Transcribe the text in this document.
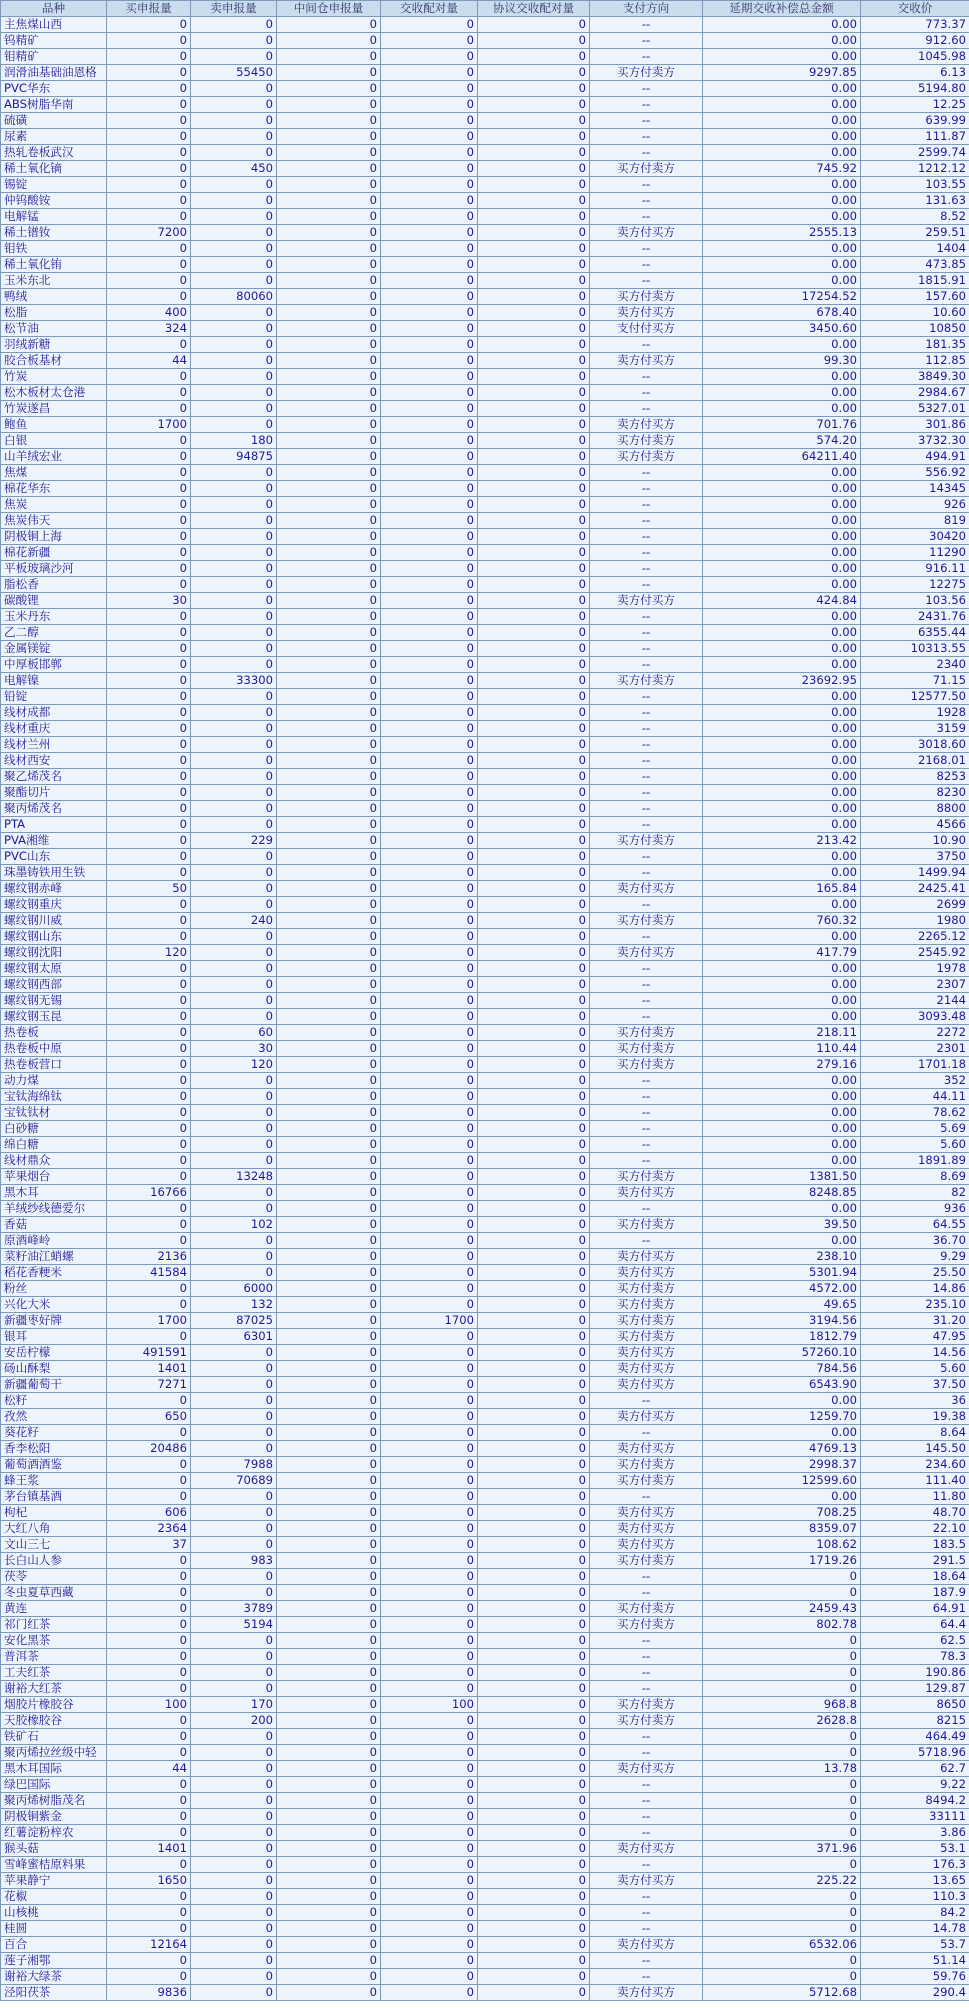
品种	买申报量	卖申报量	中间仓申报量	交收配对量	协议交收配对量	支付方向	延期交收补偿总金额	交收价
主焦煤山西	0	0	0	0	0	--	0.00	773.37
钨精矿	0	0	0	0	0	--	0.00	912.60
钼精矿	0	0	0	0	0	--	0.00	1045.98
润滑油基础油恩格	0	55450	0	0	0	买方付卖方	9297.85	6.13
PVC华东	0	0	0	0	0	--	0.00	5194.80
ABS树脂华南	0	0	0	0	0	--	0.00	12.25
硫磺	0	0	0	0	0	--	0.00	639.99
尿素	0	0	0	0	0	--	0.00	111.87
热轧卷板武汉	0	0	0	0	0	--	0.00	2599.74
稀土氧化镝	0	450	0	0	0	买方付卖方	745.92	1212.12
锡锭	0	0	0	0	0	--	0.00	103.55
仲钨酸铵	0	0	0	0	0	--	0.00	131.63
电解锰	0	0	0	0	0	--	0.00	8.52
稀土镨钕	7200	0	0	0	0	卖方付买方	2555.13	259.51
钼铁	0	0	0	0	0	--	0.00	1404
稀土氧化铕	0	0	0	0	0	--	0.00	473.85
玉米东北	0	0	0	0	0	--	0.00	1815.91
鸭绒	0	80060	0	0	0	买方付卖方	17254.52	157.60
松脂	400	0	0	0	0	卖方付买方	678.40	10.60
松节油	324	0	0	0	0	支付付买方	3450.60	10850
羽绒新糖	0	0	0	0	0	--	0.00	181.35
胶合板基材	44	0	0	0	0	卖方付买方	99.30	112.85
竹炭	0	0	0	0	0	--	0.00	3849.30
松木板材太仓港	0	0	0	0	0	--	0.00	2984.67
竹炭遂昌	0	0	0	0	0	--	0.00	5327.01
鲍鱼	1700	0	0	0	0	卖方付买方	701.76	301.86
白银	0	180	0	0	0	买方付卖方	574.20	3732.30
山羊绒宏业	0	94875	0	0	0	买方付卖方	64211.40	494.91
焦煤	0	0	0	0	0	--	0.00	556.92
棉花华东	0	0	0	0	0	--	0.00	14345
焦炭	0	0	0	0	0	--	0.00	926
焦炭伟天	0	0	0	0	0	--	0.00	819
阴极铜上海	0	0	0	0	0	--	0.00	30420
棉花新疆	0	0	0	0	0	--	0.00	11290
平板玻璃沙河	0	0	0	0	0	--	0.00	916.11
脂松香	0	0	0	0	0	--	0.00	12275
碳酸锂	30	0	0	0	0	卖方付买方	424.84	103.56
玉米丹东	0	0	0	0	0	--	0.00	2431.76
乙二醇	0	0	0	0	0	--	0.00	6355.44
金属镁锭	0	0	0	0	0	--	0.00	10313.55
中厚板邯郸	0	0	0	0	0	--	0.00	2340
电解镍	0	33300	0	0	0	买方付卖方	23692.95	71.15
铅锭	0	0	0	0	0	--	0.00	12577.50
线材成都	0	0	0	0	0	--	0.00	1928
线材重庆	0	0	0	0	0	--	0.00	3159
线材兰州	0	0	0	0	0	--	0.00	3018.60
线材西安	0	0	0	0	0	--	0.00	2168.01
聚乙烯茂名	0	0	0	0	0	--	0.00	8253
聚酯切片	0	0	0	0	0	--	0.00	8230
聚丙烯茂名	0	0	0	0	0	--	0.00	8800
PTA	0	0	0	0	0	--	0.00	4566
PVA湘维	0	229	0	0	0	买方付卖方	213.42	10.90
PVC山东	0	0	0	0	0	--	0.00	3750
珠墨铸铁用生铁	0	0	0	0	0	--	0.00	1499.94
螺纹钢赤峰	50	0	0	0	0	卖方付买方	165.84	2425.41
螺纹钢重庆	0	0	0	0	0	--	0.00	2699
螺纹钢川威	0	240	0	0	0	买方付卖方	760.32	1980
螺纹钢山东	0	0	0	0	0	--	0.00	2265.12
螺纹钢沈阳	120	0	0	0	0	卖方付买方	417.79	2545.92
螺纹钢太原	0	0	0	0	0	--	0.00	1978
螺纹钢西部	0	0	0	0	0	--	0.00	2307
螺纹钢无锡	0	0	0	0	0	--	0.00	2144
螺纹钢玉昆	0	0	0	0	0	--	0.00	3093.48
热卷板	0	60	0	0	0	买方付卖方	218.11	2272
热卷板中原	0	30	0	0	0	买方付卖方	110.44	2301
热卷板营口	0	120	0	0	0	买方付卖方	279.16	1701.18
动力煤	0	0	0	0	0	--	0.00	352
宝钛海绵钛	0	0	0	0	0	--	0.00	44.11
宝钛钛材	0	0	0	0	0	--	0.00	78.62
白砂糖	0	0	0	0	0	--	0.00	5.69
绵白糖	0	0	0	0	0	--	0.00	5.60
线材鼎众	0	0	0	0	0	--	0.00	1891.89
苹果烟台	0	13248	0	0	0	买方付卖方	1381.50	8.69
黑木耳	16766	0	0	0	0	卖方付买方	8248.85	82
羊绒纱线德爱尔	0	0	0	0	0	--	0.00	936
香菇	0	102	0	0	0	买方付卖方	39.50	64.55
原酒峰岭	0	0	0	0	0	--	0.00	36.70
菜籽油江蛸螺	2136	0	0	0	0	卖方付买方	238.10	9.29
稻花香粳米	41584	0	0	0	0	卖方付买方	5301.94	25.50
粉丝	0	6000	0	0	0	买方付卖方	4572.00	14.86
兴化大米	0	132	0	0	0	买方付卖方	49.65	235.10
新疆枣好牌	1700	87025	0	1700	0	买方付卖方	3194.56	31.20
银耳	0	6301	0	0	0	买方付卖方	1812.79	47.95
安岳柠檬	491591	0	0	0	0	卖方付买方	57260.10	14.56
砀山酥梨	1401	0	0	0	0	卖方付买方	784.56	5.60
新疆葡萄干	7271	0	0	0	0	卖方付买方	6543.90	37.50
松籽	0	0	0	0	0	--	0.00	36
孜然	650	0	0	0	0	卖方付买方	1259.70	19.38
葵花籽	0	0	0	0	0	--	0.00	8.64
香李松阳	20486	0	0	0	0	卖方付买方	4769.13	145.50
葡萄酒酒鉴	0	7988	0	0	0	买方付卖方	2998.37	234.60
蜂王浆	0	70689	0	0	0	买方付卖方	12599.60	111.40
茅台镇基酒	0	0	0	0	0	--	0.00	11.80
枸杞	606	0	0	0	0	卖方付买方	708.25	48.70
大红八角	2364	0	0	0	0	卖方付买方	8359.07	22.10
文山三七	37	0	0	0	0	卖方付买方	108.62	183.5
长白山人参	0	983	0	0	0	买方付卖方	1719.26	291.5
茯苓	0	0	0	0	0	--	0	18.64
冬虫夏草西藏	0	0	0	0	0	--	0	187.9
黄连	0	3789	0	0	0	买方付卖方	2459.43	64.91
祁门红茶	0	5194	0	0	0	买方付卖方	802.78	64.4
安化黑茶	0	0	0	0	0	--	0	62.5
普洱茶	0	0	0	0	0	--	0	78.3
工夫红茶	0	0	0	0	0	--	0	190.86
谢裕大红茶	0	0	0	0	0	--	0	129.87
烟胶片橡胶谷	100	170	0	100	0	买方付卖方	968.8	8650
天胶橡胶谷	0	200	0	0	0	买方付卖方	2628.8	8215
铁矿石	0	0	0	0	0	--	0	464.49
聚丙烯拉丝级中轻	0	0	0	0	0	--	0	5718.96
黑木耳国际	44	0	0	0	0	卖方付买方	13.78	62.7
绿巴国际	0	0	0	0	0	--	0	9.22
聚丙烯树脂茂名	0	0	0	0	0	--	0	8494.2
阴极铜紫金	0	0	0	0	0	--	0	33111
红薯淀粉梓农	0	0	0	0	0	--	0	3.86
猴头菇	1401	0	0	0	0	卖方付买方	371.96	53.1
雪峰蜜桔原料果	0	0	0	0	0	--	0	176.3
苹果静宁	1650	0	0	0	0	卖方付买方	225.22	13.65
花椒	0	0	0	0	0	--	0	110.3
山核桃	0	0	0	0	0	--	0	84.2
桂圆	0	0	0	0	0	--	0	14.78
百合	12164	0	0	0	0	卖方付买方	6532.06	53.7
莲子湘鄂	0	0	0	0	0	--	0	51.14
谢裕大绿茶	0	0	0	0	0	--	0	59.76
泾阳茯茶	9836	0	0	0	0	卖方付买方	5712.68	290.4
